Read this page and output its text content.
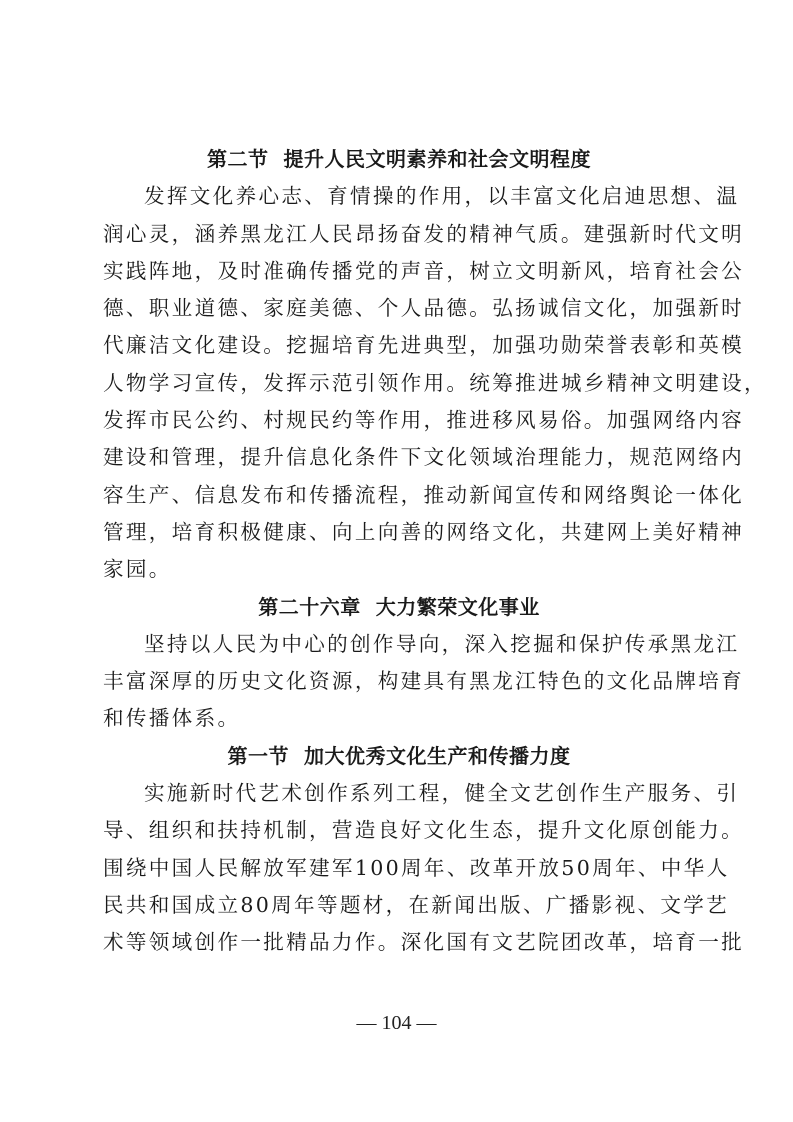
第二节  提升人民文明素养和社会文明程度
发挥文化养心志、育情操的作用，以丰富文化启迪思想、温
润心灵，涵养黑龙江人民昂扬奋发的精神气质。建强新时代文明
实践阵地，及时准确传播党的声音，树立文明新风，培育社会公
德、职业道德、家庭美德、个人品德。弘扬诚信文化，加强新时
代廉洁文化建设。挖掘培育先进典型，加强功勋荣誉表彰和英模
人物学习宣传，发挥示范引领作用。统筹推进城乡精神文明建设，
发挥市民公约、村规民约等作用，推进移风易俗。加强网络内容
建设和管理，提升信息化条件下文化领域治理能力，规范网络内
容生产、信息发布和传播流程，推动新闻宣传和网络舆论一体化
管理，培育积极健康、向上向善的网络文化，共建网上美好精神
家园。
第二十六章  大力繁荣文化事业
坚持以人民为中心的创作导向，深入挖掘和保护传承黑龙江
丰富深厚的历史文化资源，构建具有黑龙江特色的文化品牌培育
和传播体系。
第一节  加大优秀文化生产和传播力度
实施新时代艺术创作系列工程，健全文艺创作生产服务、引
导、组织和扶持机制，营造良好文化生态，提升文化原创能力。
围绕中国人民解放军建军100周年、改革开放50周年、中华人
民共和国成立80周年等题材，在新闻出版、广播影视、文学艺
术等领域创作一批精品力作。深化国有文艺院团改革，培育一批
— 104 —
